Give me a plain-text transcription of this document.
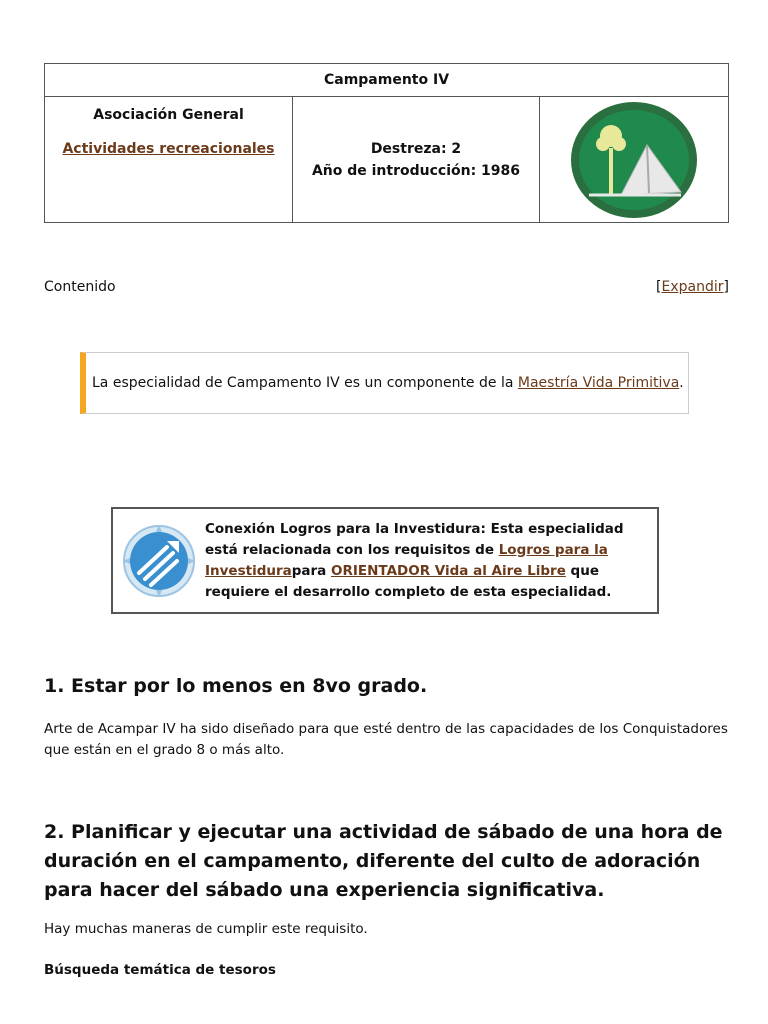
Campamento IV
Asociación General
Actividades recreacionales	Destreza: 2
Año de introducción: 1986
Contenido	[Expandir]
La especialidad de Campamento IV es un componente de la Maestría Vida Primitiva.
Conexión Logros para la Investidura: Esta especialidad está relacionada con los requisitos de Logros para la Investidurapara ORIENTADOR Vida al Aire Libre que requiere el desarrollo completo de esta especialidad.
1. Estar por lo menos en 8vo grado.
Arte de Acampar IV ha sido diseñado para que esté dentro de las capacidades de los Conquistadores que están en el grado 8 o más alto.
2. Planificar y ejecutar una actividad de sábado de una hora de duración en el campamento, diferente del culto de adoración para hacer del sábado una experiencia significativa.
Hay muchas maneras de cumplir este requisito.
Búsqueda temática de tesoros
